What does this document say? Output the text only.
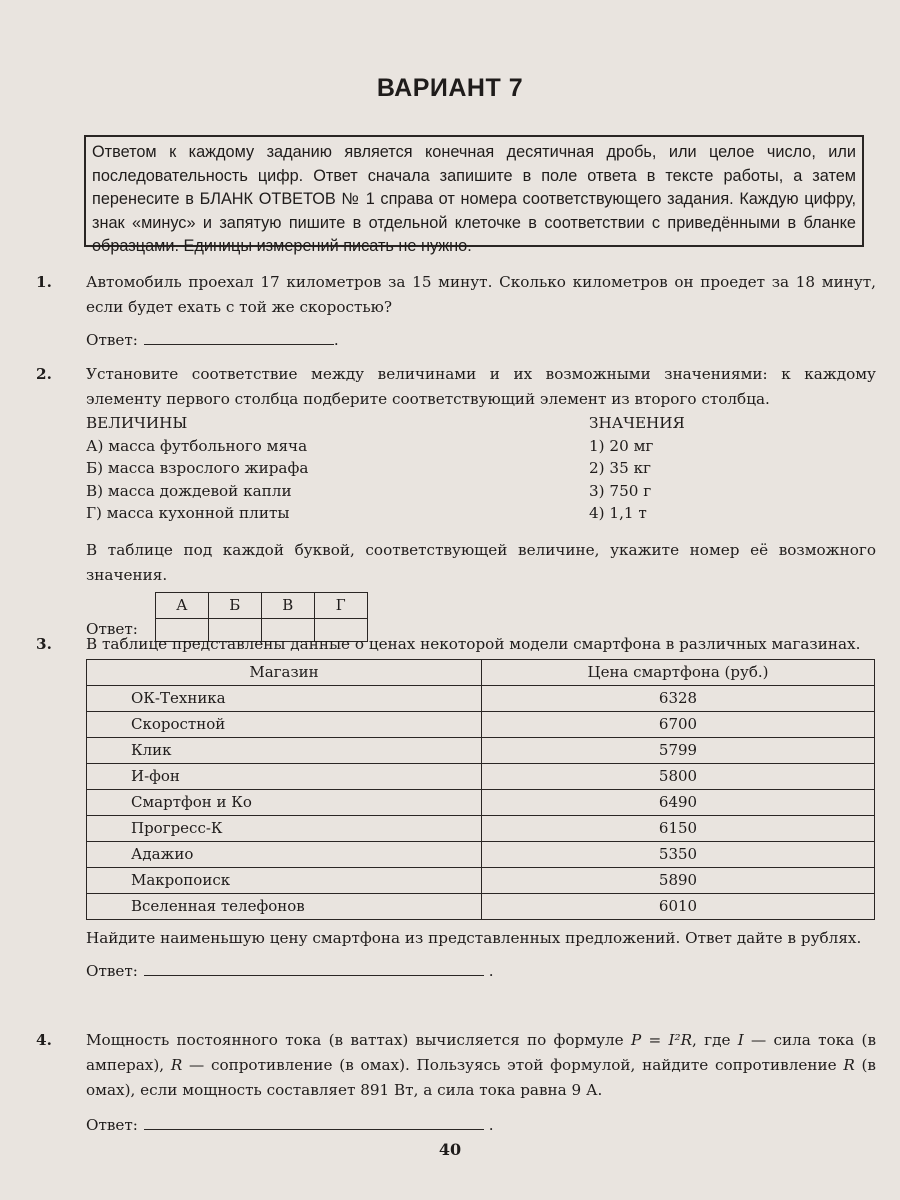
ВАРИАНТ 7
Ответом к каждому заданию является конечная десятичная дробь, или целое число, или последовательность цифр. Ответ сначала запишите в поле ответа в тексте работы, а затем перенесите в БЛАНК ОТВЕТОВ № 1 справа от номера соответствующего задания. Каждую цифру, знак «минус» и запятую пишите в отдельной клеточке в соответствии с приведёнными в бланке образцами. Единицы измерений писать не нужно.
1. Автомобиль проехал 17 километров за 15 минут. Сколько километров он проедет за 18 минут, если будет ехать с той же скоростью?
Ответ:	.
2. Установите соответствие между величинами и их возможными значениями: к каждому элементу первого столбца подберите соответствующий элемент из второго столбца.
ВЕЛИЧИНЫ
А) масса футбольного мяча
Б) масса взрослого жирафа
В) масса дождевой капли
Г) масса кухонной плиты
ЗНАЧЕНИЯ
1) 20 мг
2) 35 кг
3) 750 г
4) 1,1 т
В таблице под каждой буквой, соответствующей величине, укажите номер её возможного значения.
Ответ: А	Б	В	Г

3. В таблице представлены данные о ценах некоторой модели смартфона в различных магазинах.
Магазин	Цена смартфона (руб.)
ОК-Техника	6328
Скоростной	6700
Клик	5799
И-фон	5800
Смартфон и Ко	6490
Прогресс-К	6150
Адажио	5350
Макропоиск	5890
Вселенная телефонов	6010
Найдите наименьшую цену смартфона из представленных предложений. Ответ дайте в рублях.
Ответ:	.
4. Мощность постоянного тока (в ваттах) вычисляется по формуле P = I²R, где I — сила тока (в амперах), R — сопротивление (в омах). Пользуясь этой формулой, найдите сопротивление R (в омах), если мощность составляет 891 Вт, а сила тока равна 9 А.
Ответ:	.
40
